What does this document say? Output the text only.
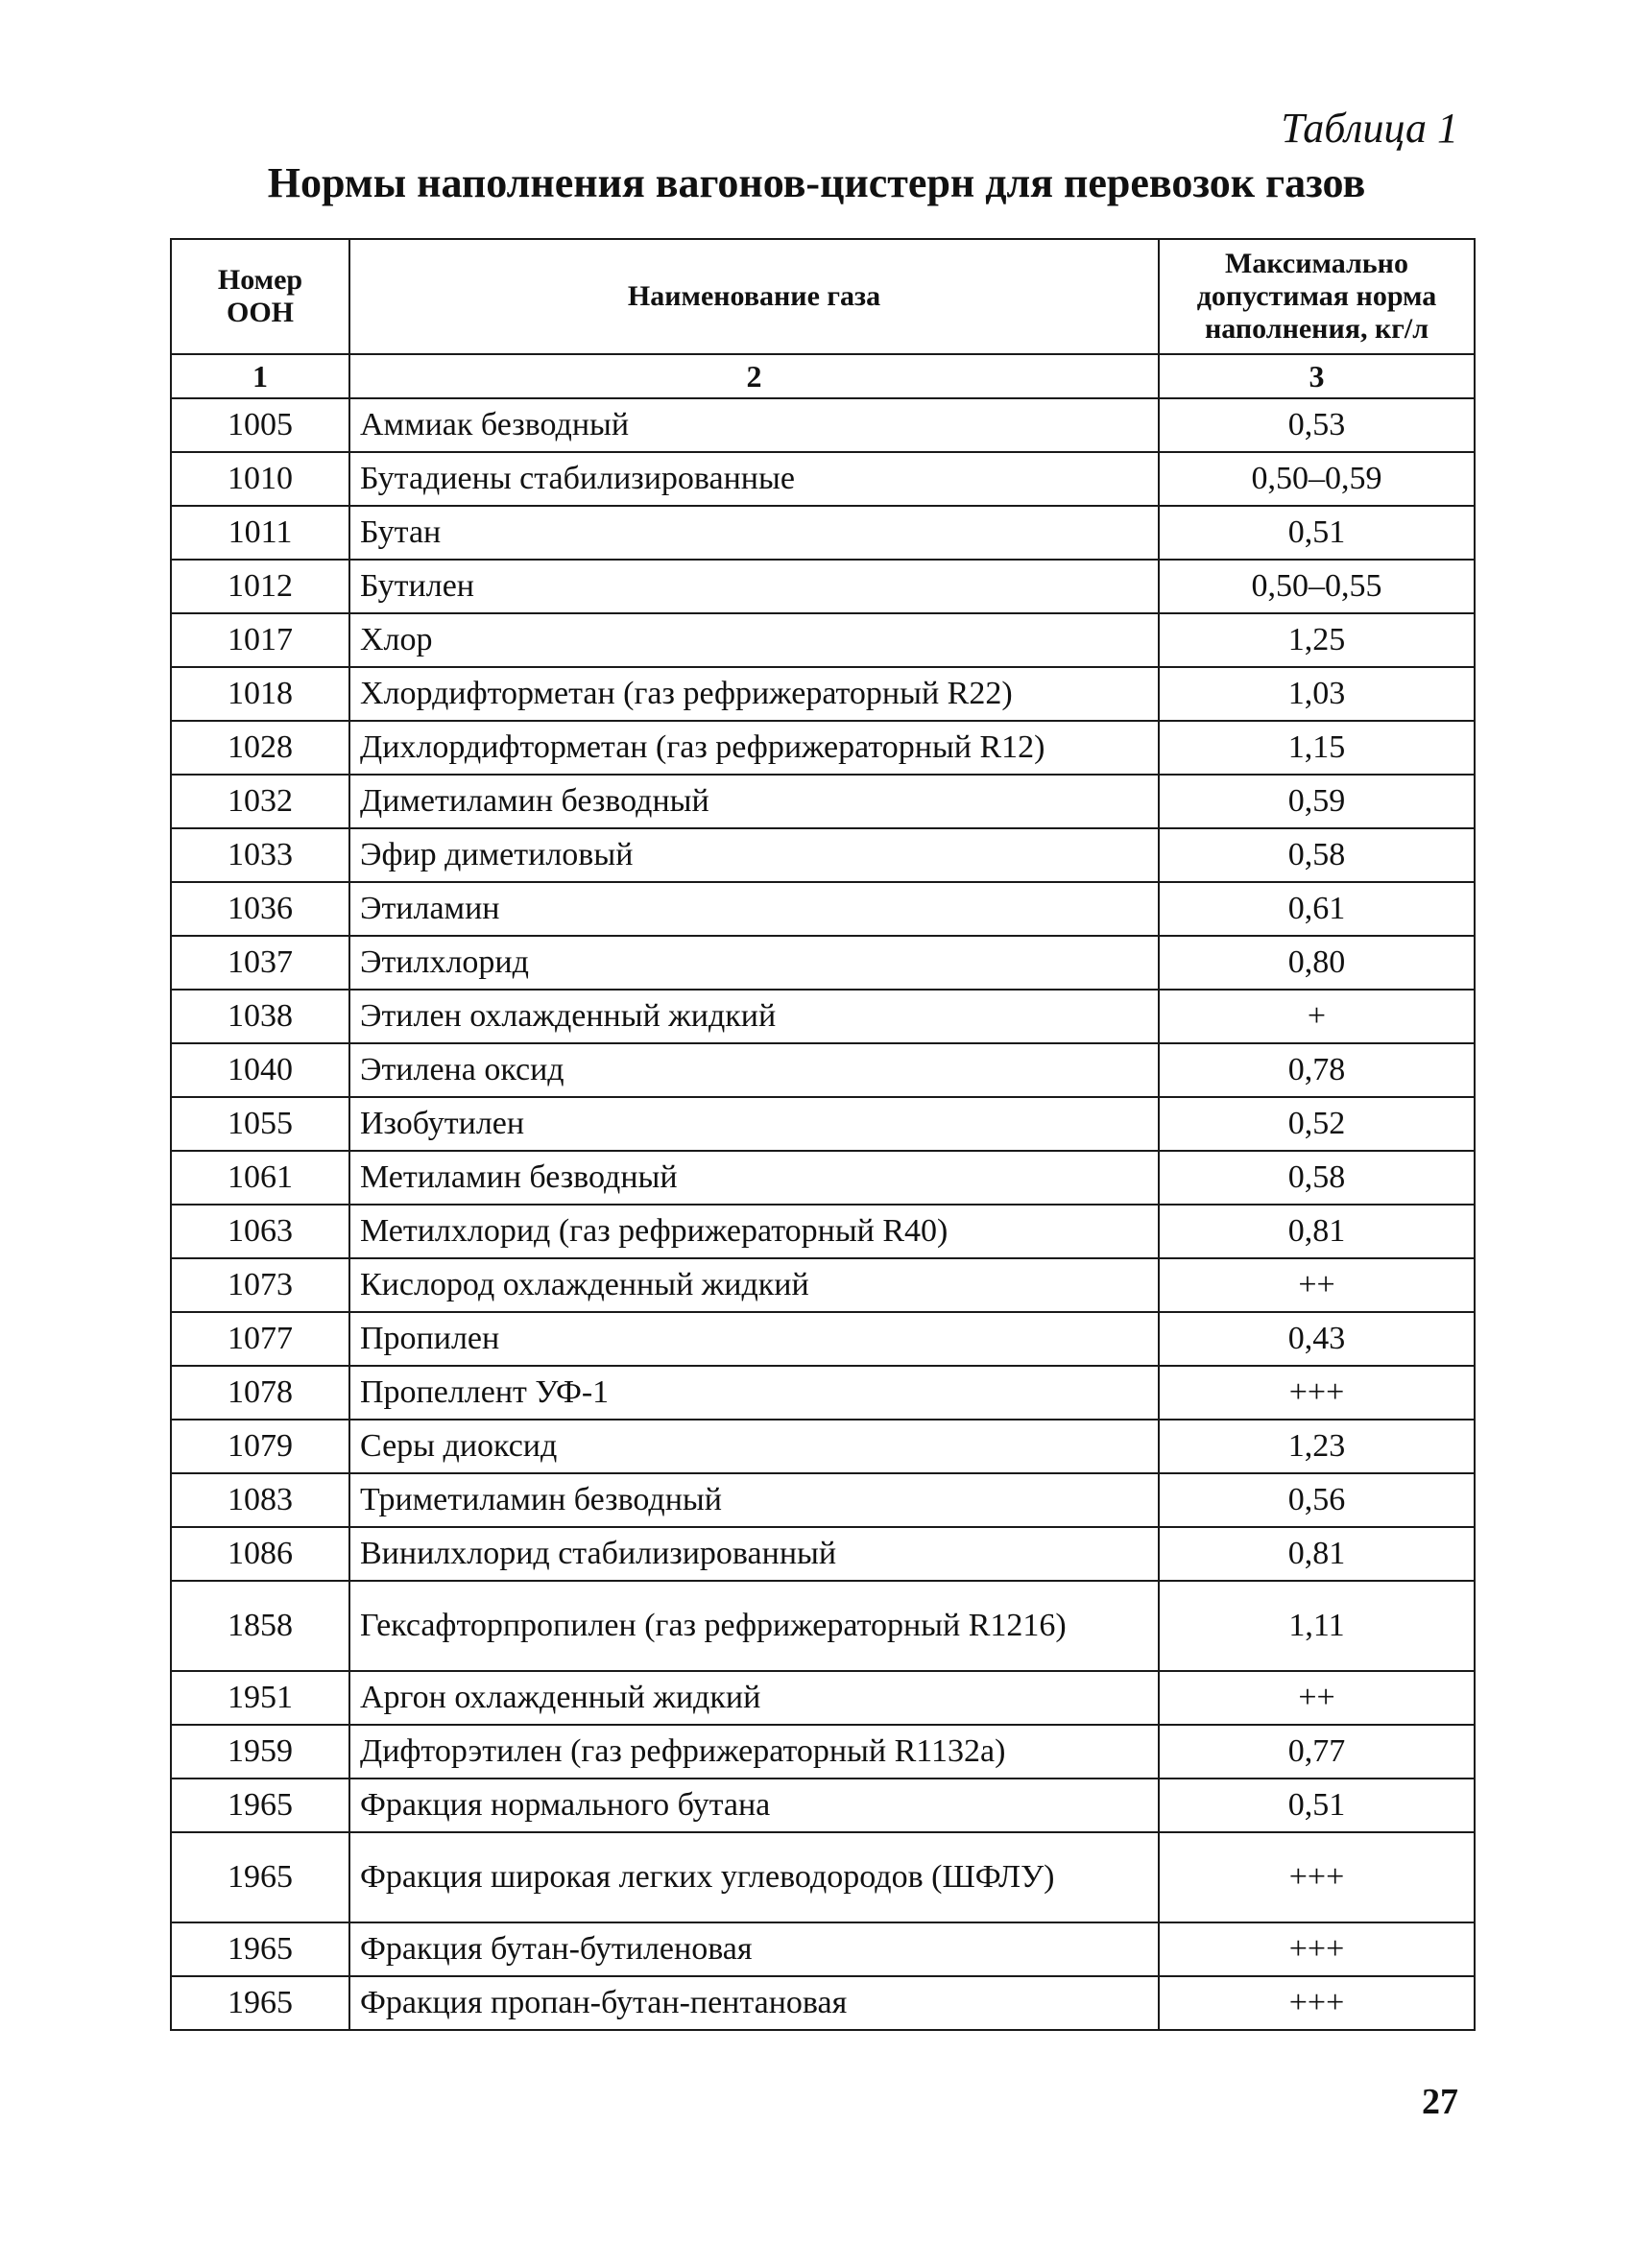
Таблица 1
Нормы наполнения вагонов-цистерн для перевозок газов
Номер ООН	Наименование газа	Максимально допустимая норма наполнения, кг/л
1	2	3
1005	Аммиак безводный	0,53
1010	Бутадиены стабилизированные	0,50–0,59
1011	Бутан	0,51
1012	Бутилен	0,50–0,55
1017	Хлор	1,25
1018	Хлордифторметан (газ рефрижераторный R22)	1,03
1028	Дихлордифторметан (газ рефрижераторный R12)	1,15
1032	Диметиламин безводный	0,59
1033	Эфир диметиловый	0,58
1036	Этиламин	0,61
1037	Этилхлорид	0,80
1038	Этилен охлажденный жидкий	+
1040	Этилена оксид	0,78
1055	Изобутилен	0,52
1061	Метиламин безводный	0,58
1063	Метилхлорид (газ рефрижераторный R40)	0,81
1073	Кислород охлажденный жидкий	++
1077	Пропилен	0,43
1078	Пропеллент УФ-1	+++
1079	Серы диоксид	1,23
1083	Триметиламин безводный	0,56
1086	Винилхлорид стабилизированный	0,81
1858	Гексафторпропилен (газ рефрижераторный R1216)	1,11
1951	Аргон охлажденный жидкий	++
1959	Дифторэтилен (газ рефрижераторный R1132a)	0,77
1965	Фракция нормального бутана	0,51
1965	Фракция широкая легких углеводородов (ШФЛУ)	+++
1965	Фракция бутан-бутиленовая	+++
1965	Фракция пропан-бутан-пентановая	+++
27
